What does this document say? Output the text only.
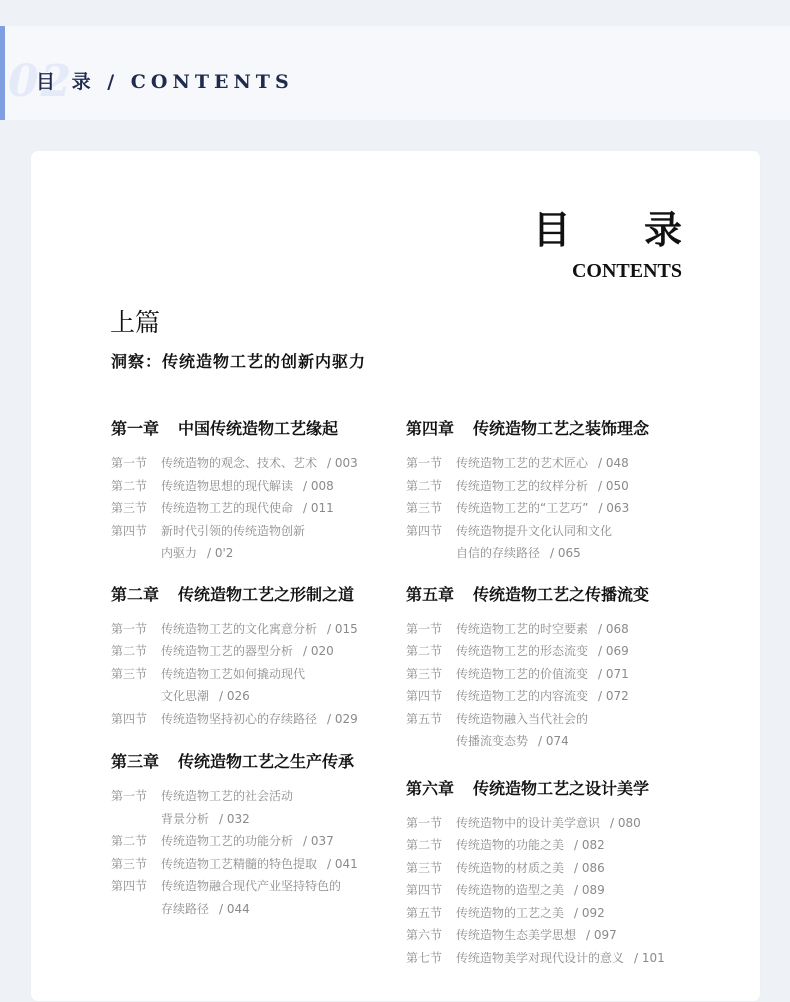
02
目 录 / CONTENTS
目 录
CONTENTS
上篇
洞察：传统造物工艺的创新内驱力
第一章 中国传统造物工艺缘起
第一节	传统造物的观念、技术、艺术 / 003
第二节	传统造物思想的现代解读 / 008
第三节	传统造物工艺的现代使命 / 011
第四节	新时代引领的传统造物创新
内驱力 / 0'2
第二章 传统造物工艺之形制之道
第一节	传统造物工艺的文化寓意分析 / 015
第二节	传统造物工艺的器型分析 / 020
第三节	传统造物工艺如何撬动现代
文化思潮 / 026
第四节	传统造物坚持初心的存续路径 / 029
第三章 传统造物工艺之生产传承
第一节	传统造物工艺的社会活动
背景分析 / 032
第二节	传统造物工艺的功能分析 / 037
第三节	传统造物工艺精髓的特色提取 / 041
第四节	传统造物融合现代产业坚持特色的
存续路径 / 044
第四章 传统造物工艺之装饰理念
第一节	传统造物工艺的艺术匠心 / 048
第二节	传统造物工艺的纹样分析 / 050
第三节	传统造物工艺的“工艺巧” / 063
第四节	传统造物提升文化认同和文化
自信的存续路径 / 065
第五章 传统造物工艺之传播流变
第一节	传统造物工艺的时空要素 / 068
第二节	传统造物工艺的形态流变 / 069
第三节	传统造物工艺的价值流变 / 071
第四节	传统造物工艺的内容流变 / 072
第五节	传统造物融入当代社会的
传播流变态势 / 074
第六章 传统造物工艺之设计美学
第一节	传统造物中的设计美学意识 / 080
第二节	传统造物的功能之美 / 082
第三节	传统造物的材质之美 / 086
第四节	传统造物的造型之美 / 089
第五节	传统造物的工艺之美 / 092
第六节	传统造物生态美学思想 / 097
第七节	传统造物美学对现代设计的意义 / 101
